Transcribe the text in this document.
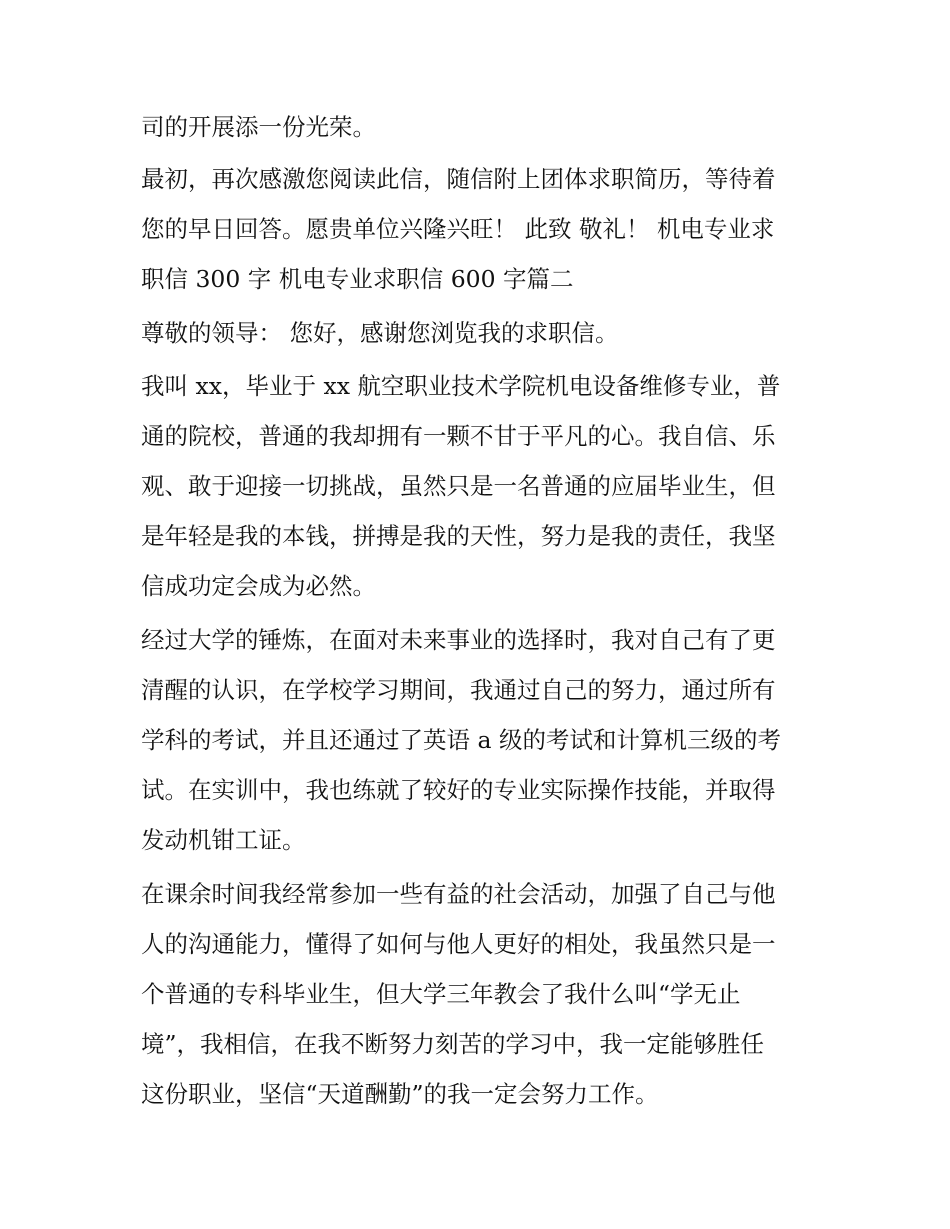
司的开展添一份光荣。
最初，再次感激您阅读此信，随信附上团体求职简历，等待着
您的早日回答。愿贵单位兴隆兴旺！ 此致 敬礼！ 机电专业求
职信 300 字 机电专业求职信 600 字篇二
尊敬的领导： 您好，感谢您浏览我的求职信。
我叫 xx，毕业于 xx 航空职业技术学院机电设备维修专业，普
通的院校，普通的我却拥有一颗不甘于平凡的心。我自信、乐
观、敢于迎接一切挑战，虽然只是一名普通的应届毕业生，但
是年轻是我的本钱，拼搏是我的天性，努力是我的责任，我坚
信成功定会成为必然。
经过大学的锤炼，在面对未来事业的选择时，我对自己有了更
清醒的认识，在学校学习期间，我通过自己的努力，通过所有
学科的考试，并且还通过了英语 a 级的考试和计算机三级的考
试。在实训中，我也练就了较好的专业实际操作技能，并取得
发动机钳工证。
在课余时间我经常参加一些有益的社会活动，加强了自己与他
人的沟通能力，懂得了如何与他人更好的相处，我虽然只是一
个普通的专科毕业生，但大学三年教会了我什么叫“学无止
境”，我相信，在我不断努力刻苦的学习中，我一定能够胜任
这份职业，坚信“天道酬勤”的我一定会努力工作。
